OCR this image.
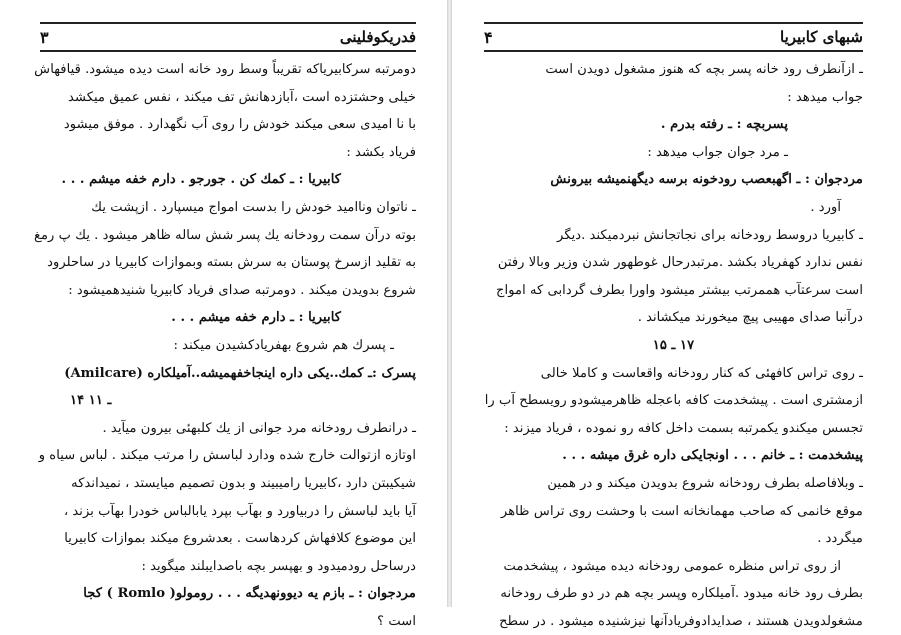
فدریکوفلینی
۳
دومرتبه سرکابیریاکه تقریباً وسط رود خانه است دیده میشود. قیافهاش
خیلی وحشتزده است ،آبازدهانش تف میکند ، نفس عمیق میکشد
با نا امیدی سعی میکند خودش را روی آب نگهدارد . موفق میشود
فریاد بکشد :
کابیریا : ـ کمك کن . جورجو . دارم خفه میشم . . .
ـ ناتوان وناامید خودش را بدست امواج میسپارد . ازپشت یك
بوته درآن سمت رودخانه یك پسر شش ساله ظاهر میشود . یك پ رمغ
به تقلید ازسرخ پوستان به سرش بسته وبموازات کابیریا در ساحلرود
شروع بدویدن میکند . دومرتبه صدای فریاد کابیریا شنیدهمیشود :
کابیریا : ـ دارم خفه میشم . . .
ـ پسرك هم شروع بهفریادکشیدن میکند :
پسرک :ـ کمك..یکی داره اینجاخفهمیشه..آمیلکاره (Amilcare)
١۴ ـ ١١
ـ درانطرف رودخانه مرد جوانی از یك کلبهئی بیرون میآید .
اوتازه ازتوالت خارج شده ودارد لباسش را مرتب میکند . لباس سیاه و
شیکیبتن دارد ،کابیریا رامیبیند و بدون تصمیم میایستد ، نمیداندکه
آیا باید لباسش را دربیاورد و بهآب بپرد یابالباس خودرا بهآب بزند ،
این موضوع کلافهاش کردهاست . بعدشروع میکند بموازات کابیریا
درساحل رودمیدود و بهپسر بچه باصدایبلند میگوید :
مردجوان : ـ بازم یه دیوونهدیگه . . . رومولو( Romlo ) کجا
است ؟
شبهای کابیریا
۴
ـ ازآنطرف رود خانه پسر بچه که هنوز مشغول دویدن است
جواب میدهد :
پسربچه : ـ رفته بدرم .
ـ مرد جوان جواب میدهد :
مردجوان : ـ اگهبعصب رودخونه برسه دیگهنمیشه بیرونش
آورد .
ـ کابیریا دروسط رودخانه برای نجاتجانش نبردمیکند .دیگر
نفس ندارد کهفریاد بکشد .مرتبدرحال غوطهور شدن وزیر وبالا رفتن
است سرعتآب هممرتب بیشتر میشود واورا بطرف گردابی که امواج
درآنبا صدای مهیبی پیچ میخورند میکشاند .
١٧ ـ ١۵
ـ روی تراس کافهئی که کنار رودخانه واقعاست و کاملا خالی
ازمشتری است . پیشخدمت کافه باعجله ظاهرمیشودو رویسطح آب را
تجسس میکندو یکمرتبه بسمت داخل کافه رو نموده ، فریاد میزند :
پیشخدمت : ـ خانم . . . اونجایکی داره غرق میشه . . .
ـ وبلافاصله بطرف رودخانه شروع بدویدن میکند و در همین
موقع خانمی که صاحب مهمانخانه است با وحشت روی تراس ظاهر
میگردد .
از روی تراس منظره عمومی رودخانه دیده میشود ، پیشخدمت
بطرف رود خانه میدود .آمیلکاره وپسر بچه هم در دو طرف رودخانه
مشغولدویدن هستند ، صدایدادوفریادآنها نیزشنیده میشود . در سطح
